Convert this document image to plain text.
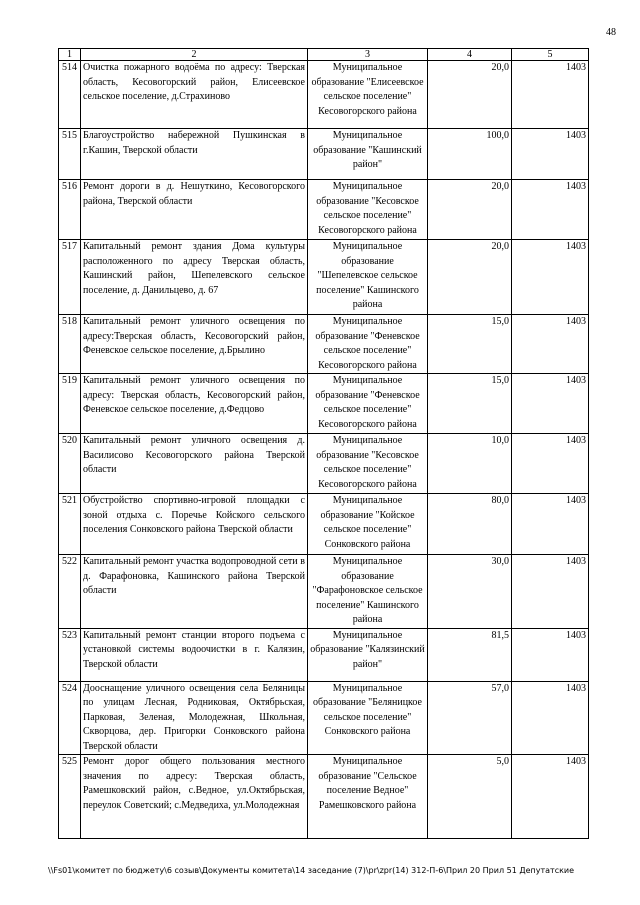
48
1	2	3	4	5
514	Очистка пожарного водоёма по адресу: Тверская область, Кесовогорский район, Елисеевское сельское поселение, д.Страхиново	Муниципальное образование "Елисеевское сельское поселение" Кесовогорского района	20,0	1403
515	Благоустройство набережной Пушкинская в г.Кашин, Тверской области	Муниципальное образование "Кашинский район"	100,0	1403
516	Ремонт дороги в д. Нешуткино, Кесовогорского района, Тверской области	Муниципальное образование "Кесовское сельское поселение" Кесовогорского района	20,0	1403
517	Капитальный ремонт здания Дома культуры расположенного по адресу Тверская область, Кашинский район, Шепелевского сельское поселение, д. Данильцево, д. 67	Муниципальное образование "Шепелевское сельское поселение" Кашинского района	20,0	1403
518	Капитальный ремонт уличного освещения по адресу:Тверская область, Кесовогорский район, Феневское сельское поселение, д.Брылино	Муниципальное образование "Феневское сельское поселение" Кесовогорского района	15,0	1403
519	Капитальный ремонт уличного освещения по адресу: Тверская область, Кесовогорский район, Феневское сельское поселение, д.Федцово	Муниципальное образование "Феневское сельское поселение" Кесовогорского района	15,0	1403
520	Капитальный ремонт уличного освещения д. Василисово Кесовогорского района Тверской области	Муниципальное образование "Кесовское сельское поселение" Кесовогорского района	10,0	1403
521	Обустройство спортивно-игровой площадки с зоной отдыха с. Поречье Койского сельского поселения Сонковского района Тверской области	Муниципальное образование "Койское сельское поселение" Сонковского района	80,0	1403
522	Капитальный ремонт участка водопроводной сети в д. Фарафоновка, Кашинского района Тверской области	Муниципальное образование "Фарафоновское сельское поселение" Кашинского района	30,0	1403
523	Капитальный ремонт станции второго подъема с установкой системы водоочистки в г. Калязин, Тверской области	Муниципальное образование "Калязинский район"	81,5	1403
524	Дооснащение уличного освещения села Беляницы по улицам Лесная, Родниковая, Октябрьская, Парковая, Зеленая, Молодежная, Школьная, Скворцова, дер. Пригорки Сонковского района Тверской области	Муниципальное образование "Беляницкое сельское поселение" Сонковского района	57,0	1403
525	Ремонт дорог общего пользования местного значения по адресу: Тверская область, Рамешковский район, с.Ведное, ул.Октябрьская, переулок Советский; с.Медведиха, ул.Молодежная	Муниципальное образование "Сельское поселение Ведное" Рамешковского района	5,0	1403
\\Fs01\комитет по бюджету\6 созыв\Документы комитета\14 заседание (7)\pr\zpr(14) 312-П-6\Прил 20 Прил 51 Депутатские
